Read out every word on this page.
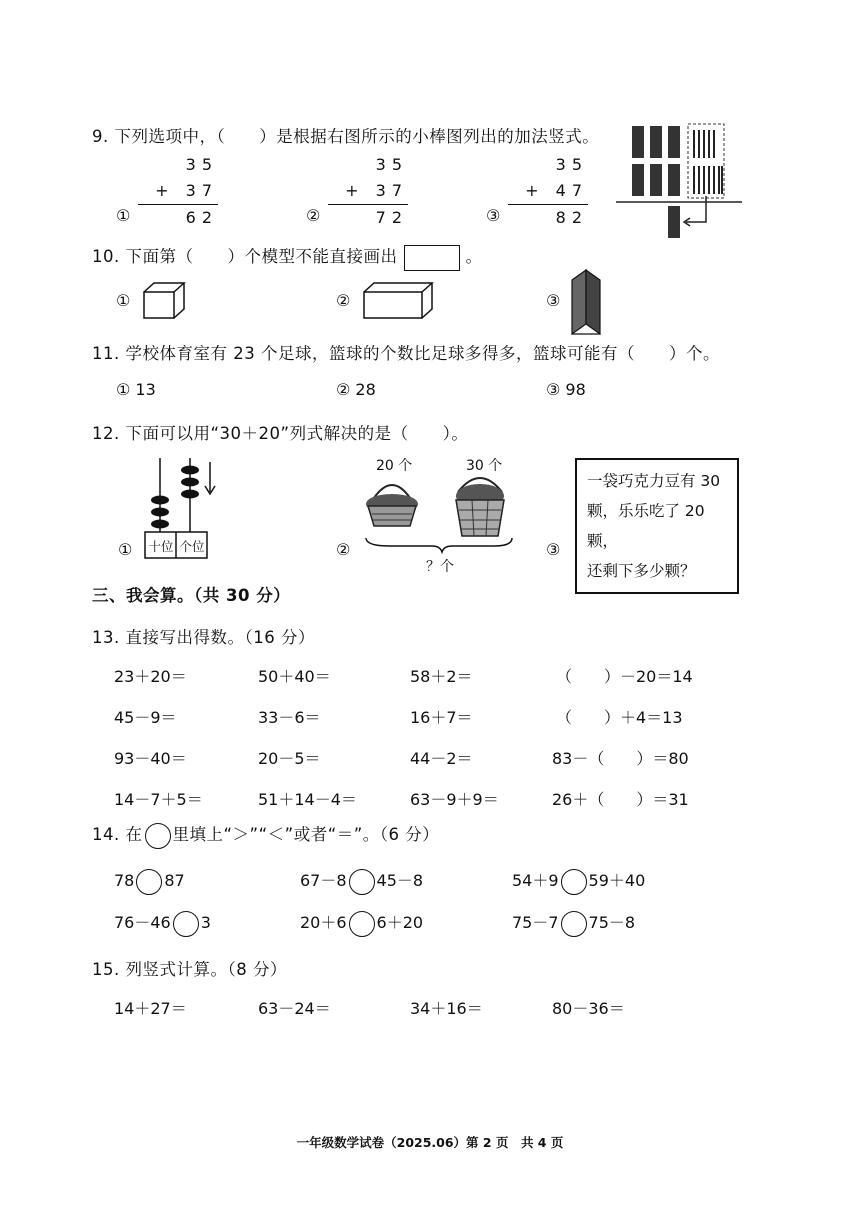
9. 下列选项中，（　　）是根据右图所示的小棒图列出的加法竖式。
①
35
+ 37
62	②
35
+ 37
72	③
35
+ 47
82
10. 下面第（　　）个模型不能直接画出	。
①	②	③
11. 学校体育室有 23 个足球，篮球的个数比足球多得多，篮球可能有（　　）个。
① 13	② 28	③ 98
12. 下面可以用“30＋20”列式解决的是（　　）。
① 十位 个位	②
20 个	30 个
？个
③
一袋巧克力豆有 30
颗，乐乐吃了 20 颗，
还剩下多少颗？
三、我会算。（共 30 分）
13. 直接写出得数。（16 分）
23＋20＝	50＋40＝	58＋2＝	（　　）－20＝14
45－9＝	33－6＝	16＋7＝	（　　）＋4＝13
93－40＝	20－5＝	44－2＝	83－（　　）＝80
14－7＋5＝	51＋14－4＝	63－9＋9＝	26＋（　　）＝31
14. 在 里填上“＞”“＜”或者“＝”。（6 分）
78 87	67－8 45－8	54＋9 59＋40
76－46 3	20＋6 6＋20	75－7 75－8
15. 列竖式计算。（8 分）
14＋27＝	63－24＝	34＋16＝	80－36＝
一年级数学试卷（2025.06）第 2 页　共 4 页
